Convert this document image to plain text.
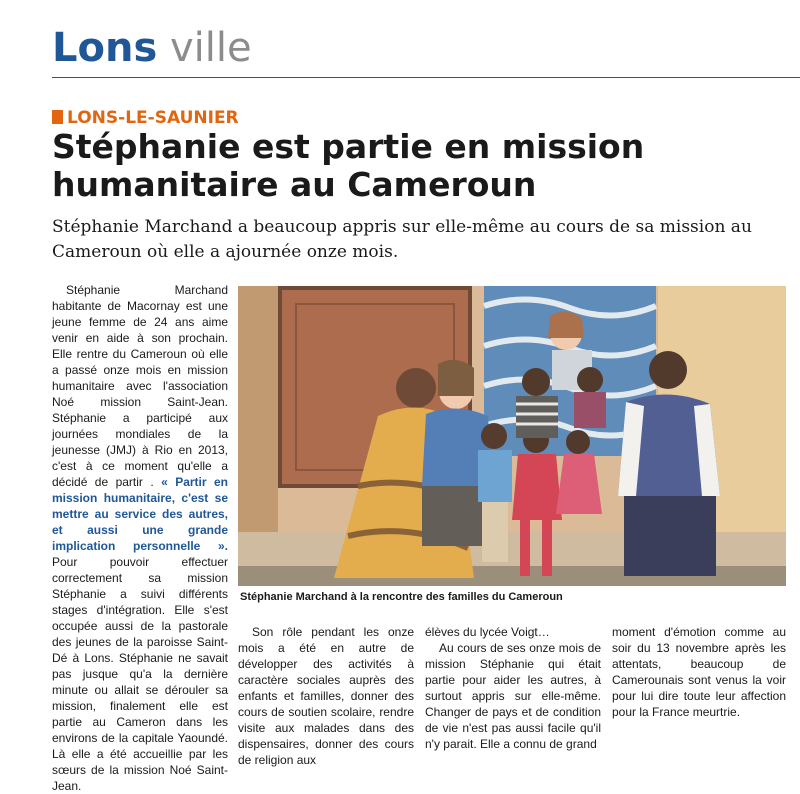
Lons ville
LONS-LE-SAUNIER
Stéphanie est partie en mission humanitaire au Cameroun

Stéphanie Marchand a beaucoup appris sur elle-même au cours de sa mission au Cameroun où elle a ajournée onze mois.

Stéphanie Marchand habitante de Macornay est une jeune femme de 24 ans aime venir en aide à son prochain. Elle rentre du Cameroun où elle a passé onze mois en mission humanitaire avec l'association Noé mission Saint-Jean. Stéphanie a participé aux journées mondiales de la jeunesse (JMJ) à Rio en 2013, c'est à ce moment qu'elle a décidé de partir . « Partir en mission humanitaire, c'est se mettre au service des autres, et aussi une grande implication personnelle ». Pour pouvoir effectuer correctement sa mission Stéphanie a suivi différents stages d'intégration. Elle s'est occupée aussi de la pastorale des jeunes de la paroisse Saint-Dé à Lons. Stéphanie ne savait pas jusque qu'a la dernière minute ou allait se dérouler sa mission, finalement elle est partie au Cameron dans les environs de la capitale Yaoundé. Là elle a été accueillie par les sœurs de la mission Noé Saint-Jean.

Stéphanie Marchand à la rencontre des familles du Cameroun

Son rôle pendant les onze mois a été en autre de développer des activités à caractère sociales auprès des enfants et familles, donner des cours de soutien scolaire, rendre visite aux malades dans des dispensaires, donner des cours de religion aux

élèves du lycée Voigt…

Au cours de ses onze mois de mission Stéphanie qui était partie pour aider les autres, à surtout appris sur elle-même. Changer de pays et de condition de vie n'est pas aussi facile qu'il n'y parait. Elle a connu de grand

moment d'émotion comme au soir du 13 novembre après les attentats, beaucoup de Camerounais sont venus la voir pour lui dire toute leur affection pour la France meurtrie.
